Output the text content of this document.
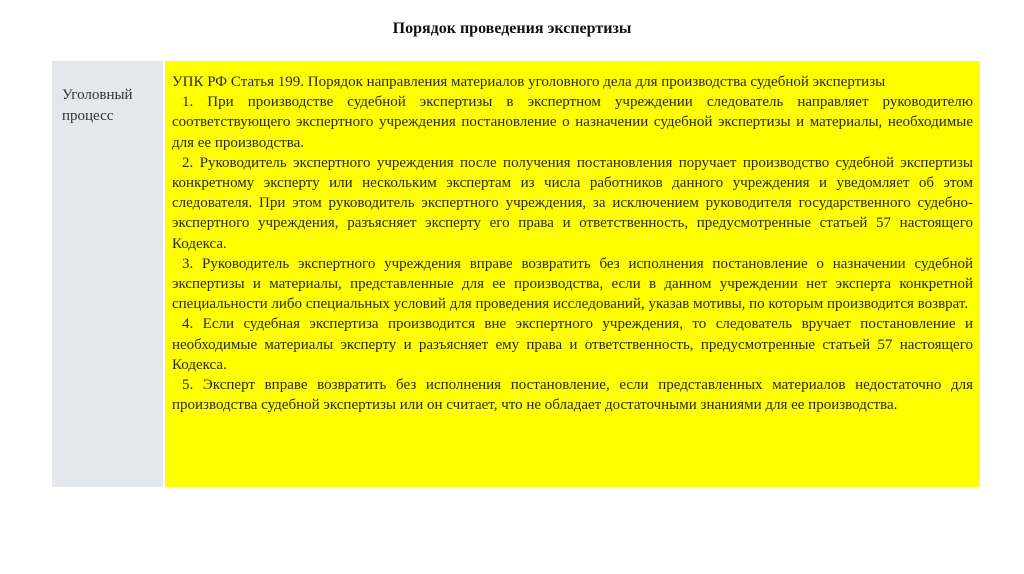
Порядок проведения экспертизы
Уголовный процесс

УПК РФ Статья 199. Порядок направления материалов уголовного дела для производства судебной экспертизы

1. При производстве судебной экспертизы в экспертном учреждении следователь направляет руководителю соответствующего экспертного учреждения постановление о назначении судебной экспертизы и материалы, необходимые для ее производства.

2. Руководитель экспертного учреждения после получения постановления поручает производство судебной экспертизы конкретному эксперту или нескольким экспертам из числа работников данного учреждения и уведомляет об этом следователя. При этом руководитель экспертного учреждения, за исключением руководителя государственного судебно-экспертного учреждения, разъясняет эксперту его права и ответственность, предусмотренные статьей 57 настоящего Кодекса.

3. Руководитель экспертного учреждения вправе возвратить без исполнения постановление о назначении судебной экспертизы и материалы, представленные для ее производства, если в данном учреждении нет эксперта конкретной специальности либо специальных условий для проведения исследований, указав мотивы, по которым производится возврат.

4. Если судебная экспертиза производится вне экспертного учреждения, то следователь вручает постановление и необходимые материалы эксперту и разъясняет ему права и ответственность, предусмотренные статьей 57 настоящего Кодекса.

5. Эксперт вправе возвратить без исполнения постановление, если представленных материалов недостаточно для производства судебной экспертизы или он считает, что не обладает достаточными знаниями для ее производства.
